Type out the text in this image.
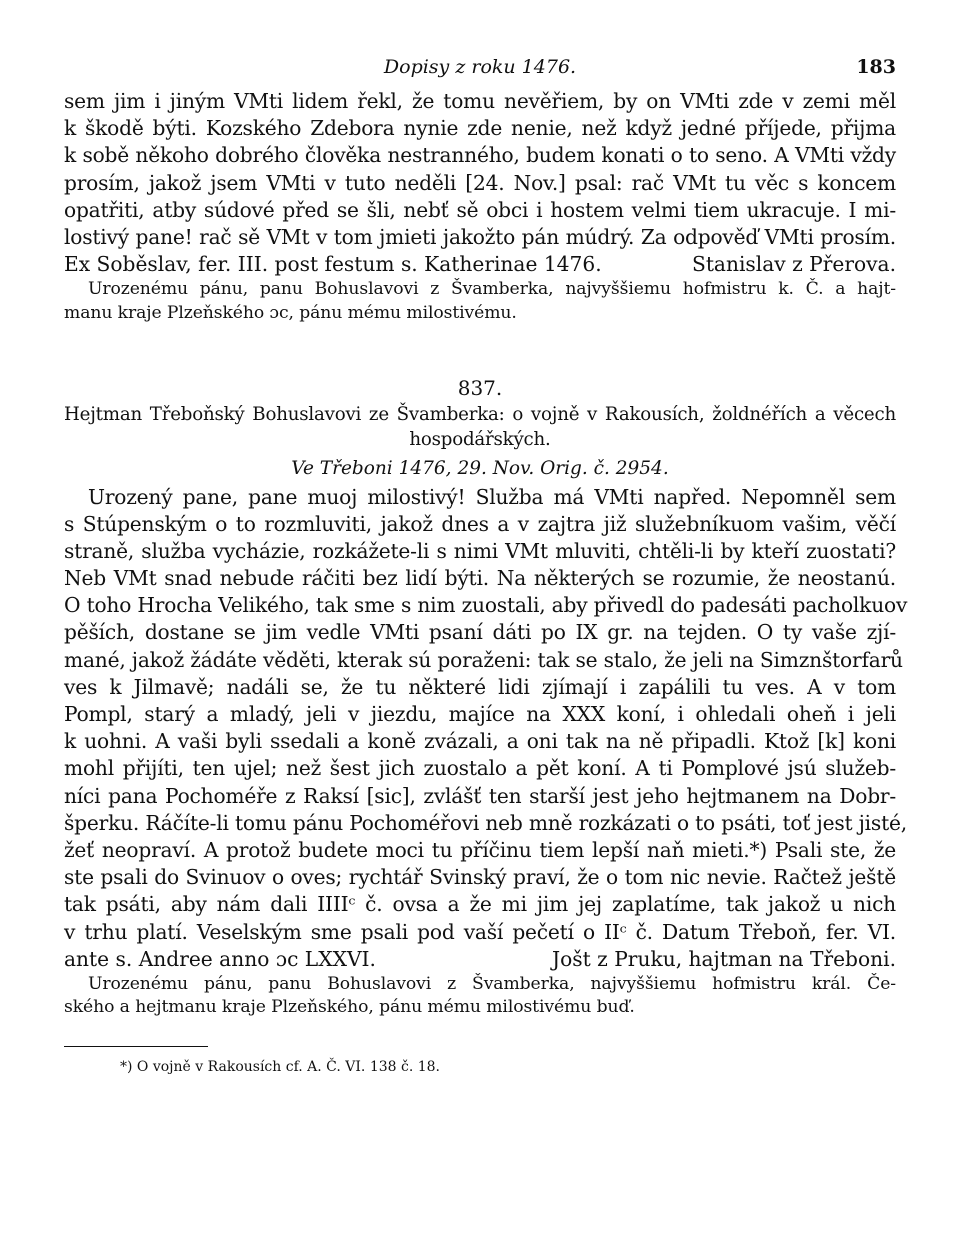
Dopisy z roku 1476.	183
sem jim i jiným VMti lidem řekl, že tomu nevěřiem, by on VMti zde v zemi měl
k škodě býti. Kozského Zdebora nynie zde nenie, než když jedné příjede, přijma
k sobě někoho dobrého člověka nestranného, budem konati o to seno. A VMti vždy
prosím, jakož jsem VMti v tuto neděli [24. Nov.] psal: rač VMt tu věc s koncem
opatřiti, atby súdové před se šli, nebť sě obci i hostem velmi tiem ukracuje. I mi-
lostivý pane! rač sě VMt v tom jmieti jakožto pán múdrý. Za odpověď VMti prosím.
Ex Soběslav, fer. III. post festum s. Katherinae 1476.	Stanislav z Přerova.
Urozenému pánu, panu Bohuslavovi z Švamberka, najvyššiemu hofmistru k. Č. a hajt-
manu kraje Plzeňského ɔc, pánu mému milostivému.
837.
Hejtman Třeboňský Bohuslavovi ze Švamberka: o vojně v Rakousích, žoldnéřích a věcech
hospodářských.
Ve Třeboni 1476, 29. Nov. Orig. č. 2954.
Urozený pane, pane muoj milostivý! Služba má VMti napřed. Nepomněl sem
s Stúpenským o to rozmluviti, jakož dnes a v zajtra již služebníkuom vašim, věčí
straně, služba vycházie, rozkážete-li s nimi VMt mluviti, chtěli-li by kteří zuostati?
Neb VMt snad nebude ráčiti bez lidí býti. Na některých se rozumie, že neostanú.
O toho Hrocha Velikého, tak sme s nim zuostali, aby přivedl do padesáti pacholkuov
pěších, dostane se jim vedle VMti psaní dáti po IX gr. na tejden. O ty vaše zjí-
mané, jakož žádáte věděti, kterak sú poraženi: tak se stalo, že jeli na Simznštorfarů
ves k Jilmavě; nadáli se, že tu některé lidi zjímají i zapálili tu ves. A v tom
Pompl, starý a mladý, jeli v jiezdu, majíce na XXX koní, i ohledali oheň i jeli
k uohni. A vaši byli ssedali a koně zvázali, a oni tak na ně připadli. Ktož [k] koni
mohl přijíti, ten ujel; než šest jich zuostalo a pět koní. A ti Pomplové jsú služeb-
níci pana Pochoméře z Raksí [sic], zvlášť ten starší jest jeho hejtmanem na Dobr-
šperku. Ráčíte-li tomu pánu Pochoméřovi neb mně rozkázati o to psáti, toť jest jisté,
žeť neopraví. A protož budete moci tu příčinu tiem lepší naň mieti.*) Psali ste, že
ste psali do Svinuov o oves; rychtář Svinský praví, že o tom nic nevie. Račtež ještě
tak psáti, aby nám dali IIIIᶜ č. ovsa a že mi jim jej zaplatíme, tak jakož u nich
v trhu platí. Veselským sme psali pod vaší pečetí o IIᶜ č. Datum Třeboň, fer. VI.
ante s. Andree anno ɔc LXXVI.	Jošt z Pruku, hajtman na Třeboni.
Urozenému pánu, panu Bohuslavovi z Švamberka, najvyššiemu hofmistru král. Če-
ského a hejtmanu kraje Plzeňského, pánu mému milostivému buď.
*) O vojně v Rakousích cf. A. Č. VI. 138 č. 18.
